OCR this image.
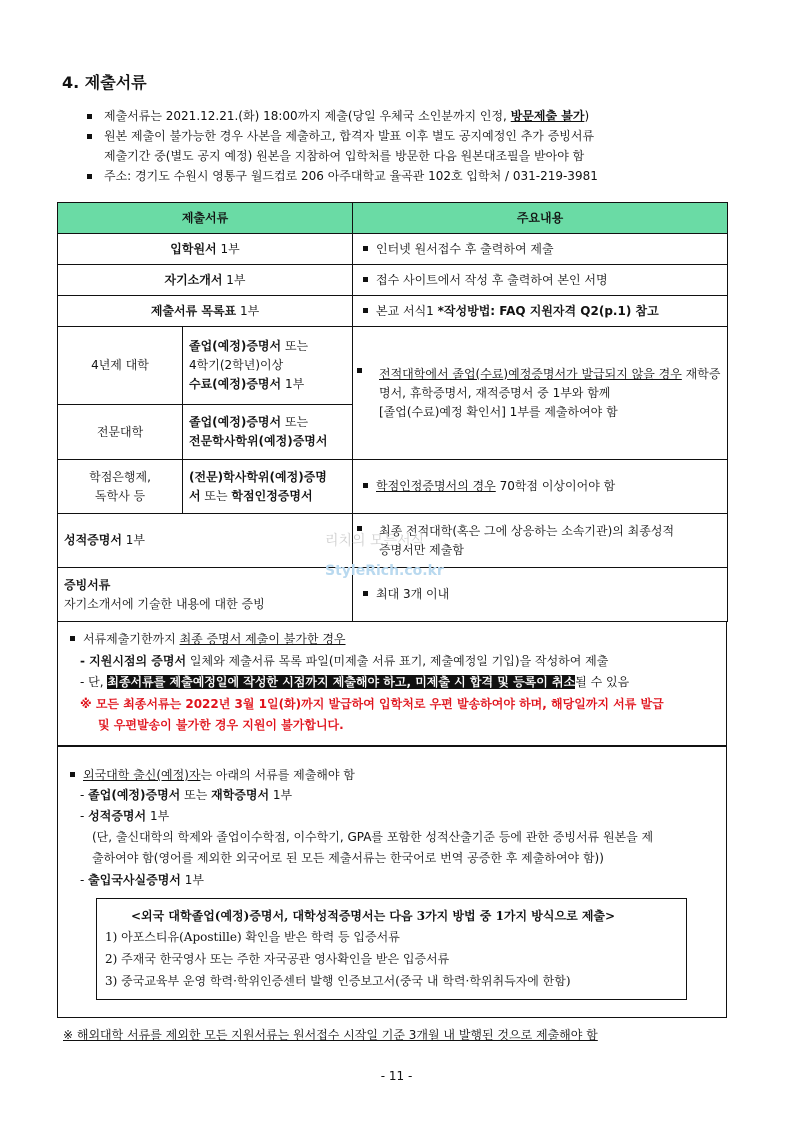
4. 제출서류
제출서류는 2021.12.21.(화) 18:00까지 제출(당일 우체국 소인분까지 인정, 방문제출 불가)
원본 제출이 불가능한 경우 사본을 제출하고, 합격자 발표 이후 별도 공지예정인 추가 증빙서류
제출기간 중(별도 공지 예정) 원본을 지참하여 입학처를 방문한 다음 원본대조필을 받아야 함
주소: 경기도 수원시 영통구 월드컵로 206 아주대학교 율곡관 102호 입학처 / 031-219-3981
제출서류		주요내용
입학원서 1부		인터넷 원서접수 후 출력하여 제출
자기소개서 1부		접수 사이트에서 작성 후 출력하여 본인 서명
제출서류 목록표 1부		본교 서식1 *작성방법: FAQ 지원자격 Q2(p.1) 참고
4년제 대학	졸업(예정)증명서 또는
4학기(2학년)이상
수료(예정)증명서 1부	전적대학에서 졸업(수료)예정증명서가 발급되지 않을 경우 재학증명서, 휴학증명서, 재적증명서 중 1부와 함께
[졸업(수료)예정 확인서] 1부를 제출하여야 함
전문대학	졸업(예정)증명서 또는
전문학사학위(예정)증명서	
학점은행제,
독학사 등	(전문)학사학위(예정)증명
서 또는 학점인정증명서	학점인정증명서의 경우 70학점 이상이어야 함
성적증명서 1부		최종 전적대학(혹은 그에 상응하는 소속기관)의 최종성적
증명서만 제출함
증빙서류
자기소개서에 기술한 내용에 대한 증빙		최대 3개 이내
리치의 모든서식
StyleRich.co.kr
서류제출기한까지 최종 증명서 제출이 불가한 경우
- 지원시점의 증명서 일체와 제출서류 목록 파일(미제출 서류 표기, 제출예정일 기입)을 작성하여 제출
- 단, 최종서류를 제출예정일에 작성한 시점까지 제출해야 하고, 미제출 시 합격 및 등록이 취소될 수 있음
※ 모든 최종서류는 2022년 3월 1일(화)까지 발급하여 입학처로 우편 발송하여야 하며, 해당일까지 서류 발급
및 우편발송이 불가한 경우 지원이 불가합니다.
외국대학 출신(예정)자는 아래의 서류를 제출해야 함
- 졸업(예정)증명서 또는 재학증명서 1부
- 성적증명서 1부
(단, 출신대학의 학제와 졸업이수학점, 이수학기, GPA를 포함한 성적산출기준 등에 관한 증빙서류 원본을 제
출하여야 함(영어를 제외한 외국어로 된 모든 제출서류는 한국어로 번역 공증한 후 제출하여야 함))
- 출입국사실증명서 1부
<외국 대학졸업(예정)증명서, 대학성적증명서는 다음 3가지 방법 중 1가지 방식으로 제출>
1) 아포스티유(Apostille) 확인을 받은 학력 등 입증서류
2) 주재국 한국영사 또는 주한 자국공관 영사확인을 받은 입증서류
3) 중국교육부 운영 학력·학위인증센터 발행 인증보고서(중국 내 학력·학위취득자에 한함)
※ 해외대학 서류를 제외한 모든 지원서류는 원서접수 시작일 기준 3개월 내 발행된 것으로 제출해야 함
- 11 -
